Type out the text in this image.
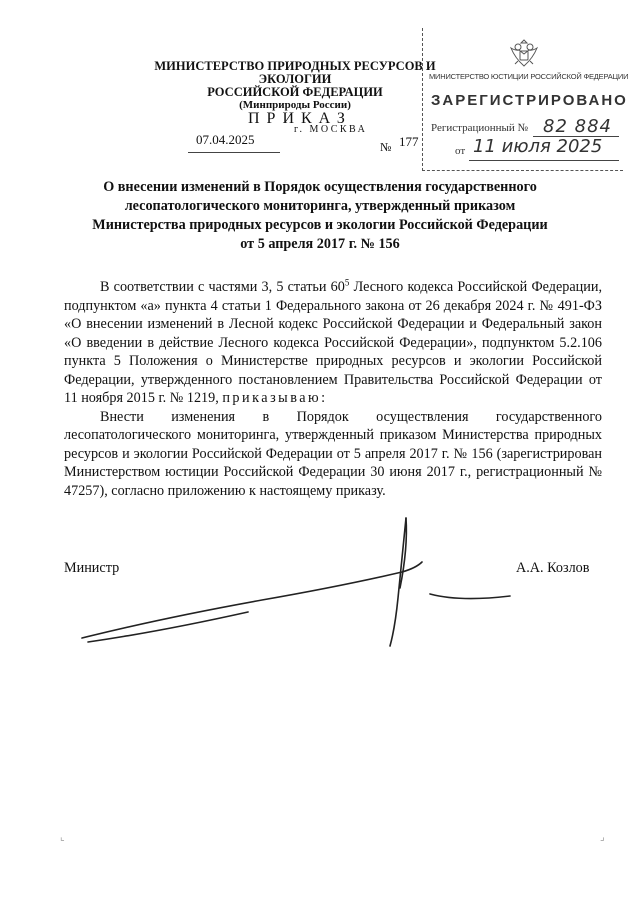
МИНИСТЕРСТВО ПРИРОДНЫХ РЕСУРСОВ И ЭКОЛОГИИ
РОССИЙСКОЙ ФЕДЕРАЦИИ
(Минприроды России)
ПРИКАЗ
07.04.2025
г. МОСКВА
№ 177
МИНИСТЕРСТВО ЮСТИЦИИ РОССИЙСКОЙ ФЕДЕРАЦИИ
ЗАРЕГИСТРИРОВАНО
Регистрационный № 82 884
от 11 июля 2025
О внесении изменений в Порядок осуществления государственного
лесопатологического мониторинга, утвержденный приказом
Министерства природных ресурсов и экологии Российской Федерации
от 5 апреля 2017 г. № 156

В соответствии с частями 3, 5 статьи $60^5$ Лесного кодекса Российской Федерации, подпунктом «а» пункта 4 статьи 1 Федерального закона от 26 декабря 2024 г. № 491-ФЗ «О внесении изменений в Лесной кодекс Российской Федерации и Федеральный закон «О введении в действие Лесного кодекса Российской Федерации», подпунктом 5.2.106 пункта 5 Положения о Министерстве природных ресурсов и экологии Российской Федерации, утвержденного постановлением Правительства Российской Федерации от 11 ноября 2015 г. № 1219, приказываю:

Внести изменения в Порядок осуществления государственного лесопатологического мониторинга, утвержденный приказом Министерства природных ресурсов и экологии Российской Федерации от 5 апреля 2017 г. № 156 (зарегистрирован Министерством юстиции Российской Федерации 30 июня 2017 г., регистрационный № 47257), согласно приложению к настоящему приказу.

Министр	А.А. Козлов
⌞	⌟
